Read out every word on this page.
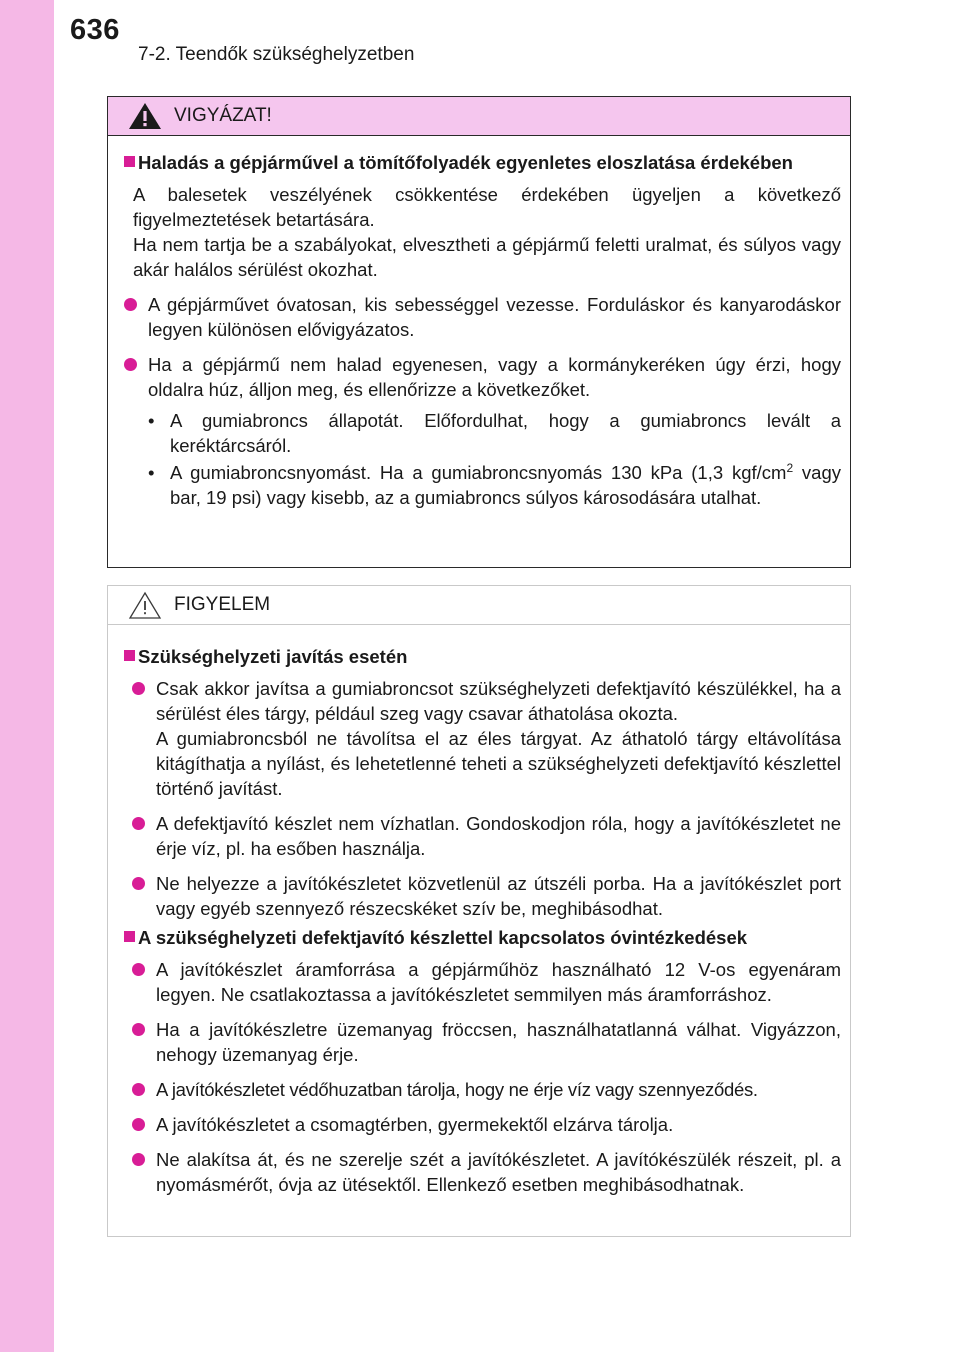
636
7-2. Teendők szükséghelyzetben
VIGYÁZAT!
Haladás a gépjárművel a tömítőfolyadék egyenletes eloszlatása érdekében

A balesetek veszélyének csökkentése érdekében ügyeljen a következő figyelmeztetések betartására.

Ha nem tartja be a szabályokat, elvesztheti a gépjármű feletti uralmat, és súlyos vagy akár halálos sérülést okozhat.

A gépjárművet óvatosan, kis sebességgel vezesse. Forduláskor és kanyarodáskor legyen különösen elővigyázatos.
Ha a gépjármű nem halad egyenesen, vagy a kormánykeréken úgy érzi, hogy oldalra húz, álljon meg, és ellenőrizze a következőket.
• A gumiabroncs állapotát. Előfordulhat, hogy a gumiabroncs levált a keréktárcsáról.
• A gumiabroncsnyomást. Ha a gumiabroncsnyomás 130 kPa (1,3 kgf/$cm^2$ vagy bar, 19 psi) vagy kisebb, az a gumiabroncs súlyos károsodására utalhat.
FIGYELEM
Szükséghelyzeti javítás esetén
Csak akkor javítsa a gumiabroncsot szükséghelyzeti defektjavító készülékkel, ha a sérülést éles tárgy, például szeg vagy csavar áthatolása okozta.
A gumiabroncsból ne távolítsa el az éles tárgyat. Az áthatoló tárgy eltávolítása kitágíthatja a nyílást, és lehetetlenné teheti a szükséghelyzeti defektjavító készlettel történő javítást.
A defektjavító készlet nem vízhatlan. Gondoskodjon róla, hogy a javítókészletet ne érje víz, pl. ha esőben használja.
Ne helyezze a javítókészletet közvetlenül az útszéli porba. Ha a javítókészlet port vagy egyéb szennyező részecskéket szív be, meghibásodhat.
A szükséghelyzeti defektjavító készlettel kapcsolatos óvintézkedések
A javítókészlet áramforrása a gépjárműhöz használható 12 V-os egyenáram legyen. Ne csatlakoztassa a javítókészletet semmilyen más áramforráshoz.
Ha a javítókészletre üzemanyag fröccsen, használhatatlanná válhat. Vigyázzon, nehogy üzemanyag érje.
A javítókészletet védőhuzatban tárolja, hogy ne érje víz vagy szennyeződés.
A javítókészletet a csomagtérben, gyermekektől elzárva tárolja.
Ne alakítsa át, és ne szerelje szét a javítókészletet. A javítókészülék részeit, pl. a nyomásmérőt, óvja az ütésektől. Ellenkező esetben meghibásodhatnak.
